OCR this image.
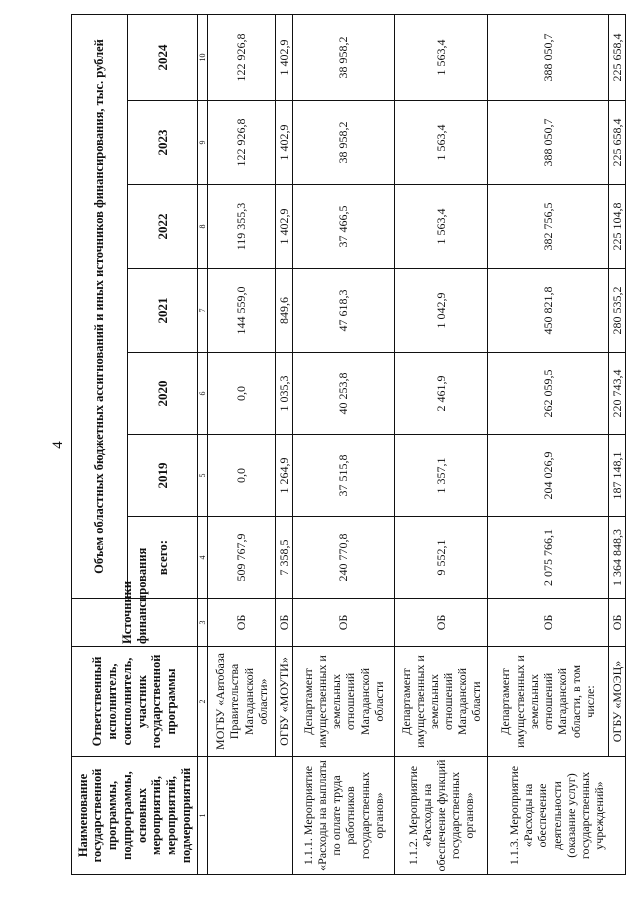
4
Наименование государственной программы, подпрограммы, основных мероприятий, мероприятий, подмероприятий	Ответственный исполнитель, соисполнитель, участник государственной программы	Источники финансирования	Объем областных бюджетных ассигнований и иных источников финансирования, тыс. рублей						
			всего:	2019	2020	2021	2022	2023	2024
1	2	3	4	5	6	7	8	9	10
	МОГБУ «Автобаза Правительства Магаданской области»	ОБ	509 767,9	0,0	0,0	144 559,0	119 355,3	122 926,8	122 926,8
	ОГБУ «МОУТИ»	ОБ	7 358,5	1 264,9	1 035,3	849,6	1 402,9	1 402,9	1 402,9
1.1.1. Мероприятие «Расходы на выплаты по оплате труда работников государственных органов»	Департамент имущественных и земельных отношений Магаданской области	ОБ	240 770,8	37 515,8	40 253,8	47 618,3	37 466,5	38 958,2	38 958,2
1.1.2. Мероприятие «Расходы на обеспечение функций государственных органов»	Департамент имущественных и земельных отношений Магаданской области	ОБ	9 552,1	1 357,1	2 461,9	1 042,9	1 563,4	1 563,4	1 563,4
1.1.3. Мероприятие «Расходы на обеспечение деятельности (оказание услуг) государственных учреждений»	Департамент имущественных и земельных отношений Магаданской области, в том числе:	ОБ	2 075 766,1	204 026,9	262 059,5	450 821,8	382 756,5	388 050,7	388 050,7
	ОГБУ «МОЭЦ»	ОБ	1 364 848,3	187 148,1	220 743,4	280 535,2	225 104,8	225 658,4	225 658,4
